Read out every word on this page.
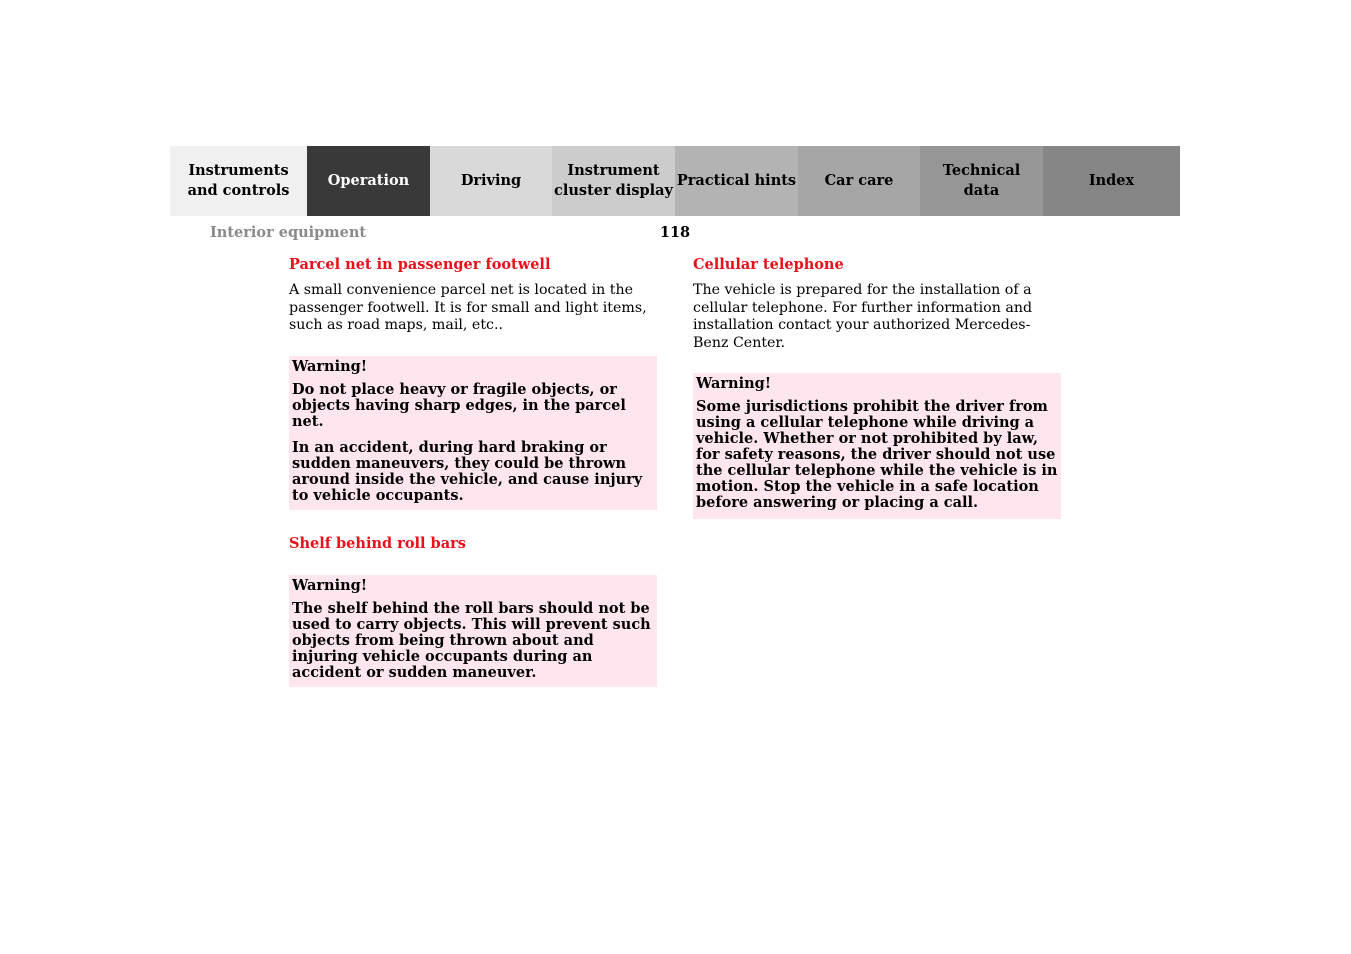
Instruments
and controls
Operation	Driving
Instrument
cluster display
Practical hints	Car care
Technical
data
Index
Interior equipment	118
Parcel net in passenger footwell

A small convenience parcel net is located in the passenger footwell. It is for small and light items, such as road maps, mail, etc..

Warning!
Do not place heavy or fragile objects, or objects having sharp edges, in the parcel net.
In an accident, during hard braking or sudden maneuvers, they could be thrown around inside the vehicle, and cause injury to vehicle occupants.
Shelf behind roll bars
Warning!
The shelf behind the roll bars should not be used to carry objects. This will prevent such objects from being thrown about and injuring vehicle occupants during an accident or sudden maneuver.
Cellular telephone

The vehicle is prepared for the installation of a cellular telephone. For further information and installation contact your authorized Mercedes-Benz Center.

Warning!
Some jurisdictions prohibit the driver from using a cellular telephone while driving a vehicle. Whether or not prohibited by law, for safety reasons, the driver should not use the cellular telephone while the vehicle is in motion. Stop the vehicle in a safe location before answering or placing a call.
